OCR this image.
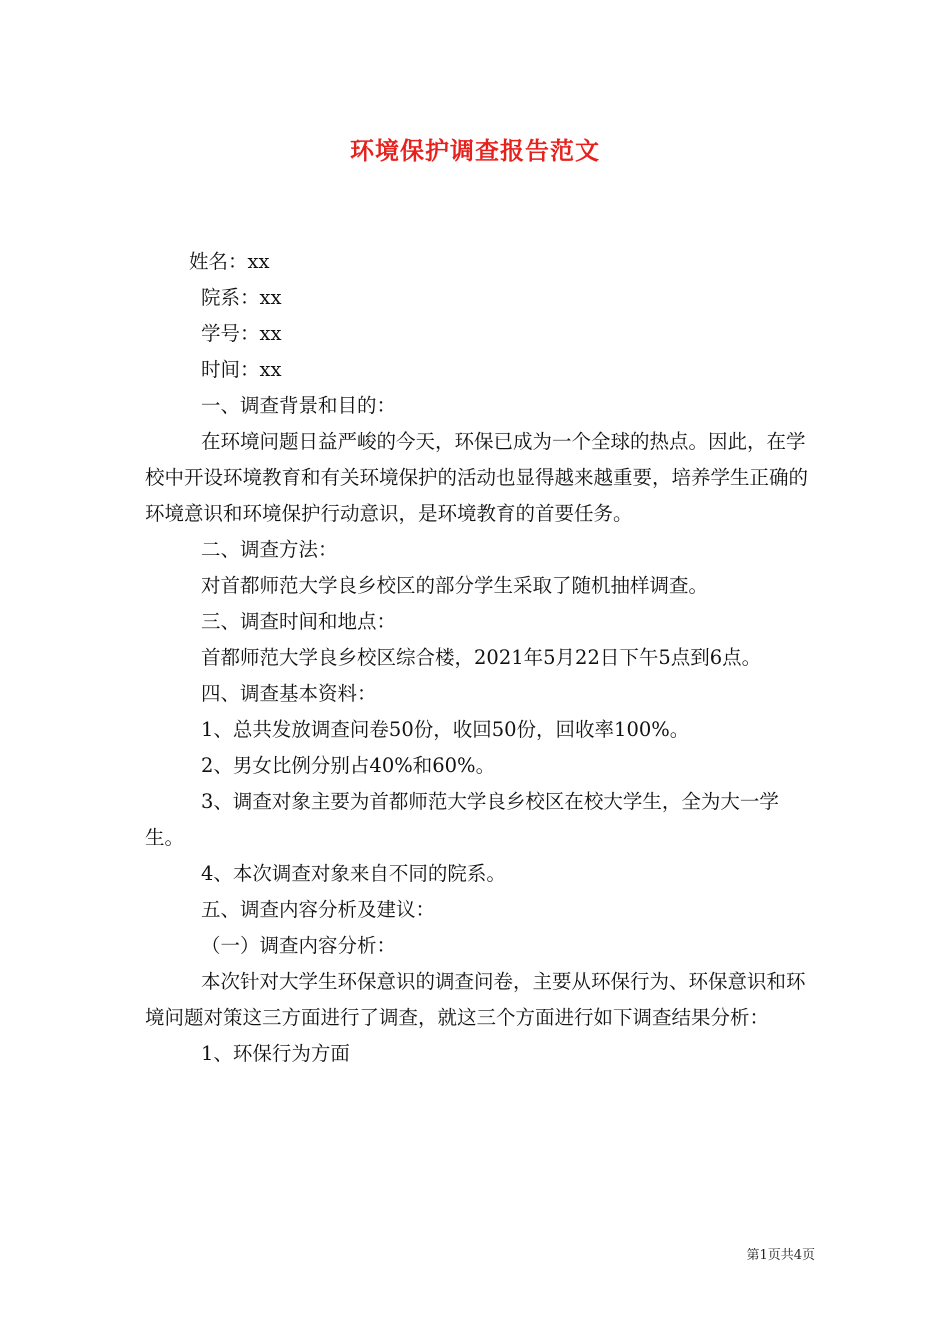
环境保护调查报告范文

姓名：xx

院系：xx

学号：xx

时间：xx

一、调查背景和目的：

在环境问题日益严峻的今天，环保已成为一个全球的热点。因此，在学校中开设环境教育和有关环境保护的活动也显得越来越重要，培养学生正确的环境意识和环境保护行动意识，是环境教育的首要任务。

二、调查方法：

对首都师范大学良乡校区的部分学生采取了随机抽样调查。

三、调查时间和地点：

首都师范大学良乡校区综合楼，2021年5月22日下午5点到6点。

四、调查基本资料：

1、总共发放调查问卷50份，收回50份，回收率100%。

2、男女比例分别占40%和60%。

3、调查对象主要为首都师范大学良乡校区在校大学生，全为大一学生。

4、本次调查对象来自不同的院系。

五、调查内容分析及建议：

（一）调查内容分析：

本次针对大学生环保意识的调查问卷，主要从环保行为、环保意识和环境问题对策这三方面进行了调查，就这三个方面进行如下调查结果分析：

1、环保行为方面

第1页共4页
